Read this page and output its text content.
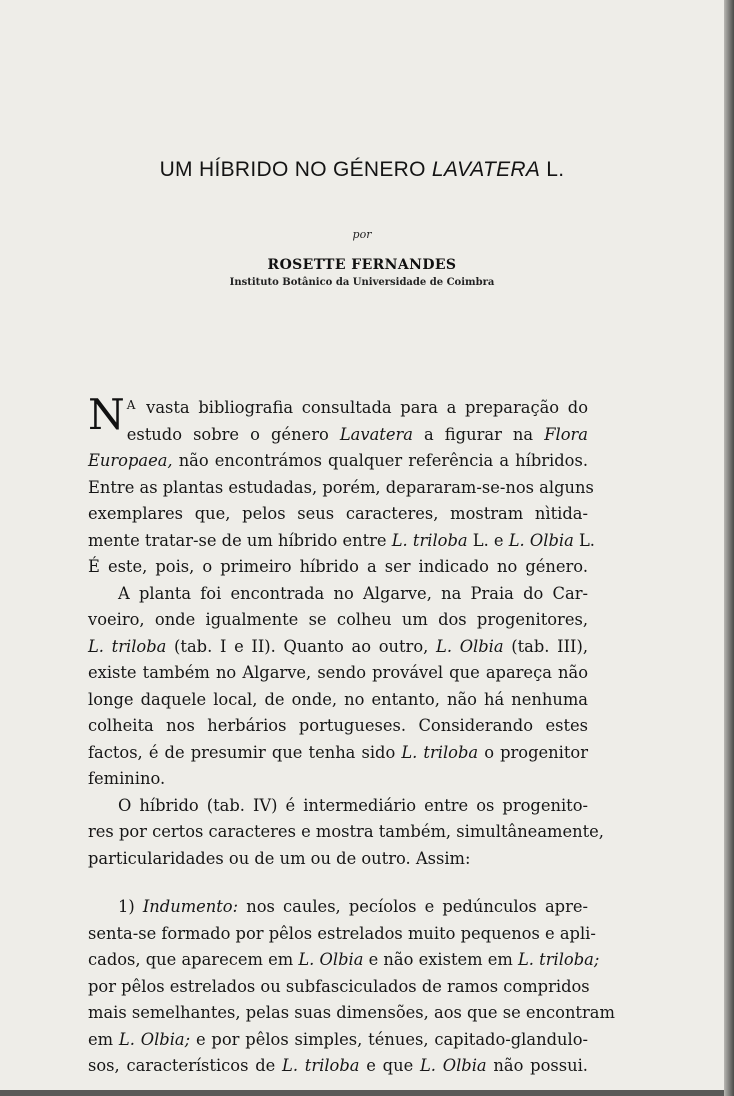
UM HÍBRIDO NO GÉNERO LAVATERA L.
por
ROSETTE FERNANDES
Instituto Botânico da Universidade de Coimbra
N $^A$ vasta bibliografia consultada para a preparação do
estudo sobre o género Lavatera a figurar na Flora
Europaea, não encontrámos qualquer referência a híbridos.
Entre as plantas estudadas, porém, depararam-se-nos alguns
exemplares que, pelos seus caracteres, mostram nìtida-
mente tratar-se de um híbrido entre L. triloba L. e L. Olbia L.
É este, pois, o primeiro híbrido a ser indicado no género.
A planta foi encontrada no Algarve, na Praia do Car-
voeiro, onde igualmente se colheu um dos progenitores,
L. triloba (tab. I e II). Quanto ao outro, L. Olbia (tab. III),
existe também no Algarve, sendo provável que apareça não
longe daquele local, de onde, no entanto, não há nenhuma
colheita nos herbários portugueses. Considerando estes
factos, é de presumir que tenha sido L. triloba o progenitor
feminino.
O híbrido (tab. IV) é intermediário entre os progenito-
res por certos caracteres e mostra também, simultâneamente,
particularidades ou de um ou de outro. Assim:
1) Indumento: nos caules, pecíolos e pedúnculos apre-
senta-se formado por pêlos estrelados muito pequenos e apli-
cados, que aparecem em L. Olbia e não existem em L. triloba;
por pêlos estrelados ou subfasciculados de ramos compridos
mais semelhantes, pelas suas dimensões, aos que se encontram
em L. Olbia; e por pêlos simples, ténues, capitado-glandulo-
sos, característicos de L. triloba e que L. Olbia não possui.
